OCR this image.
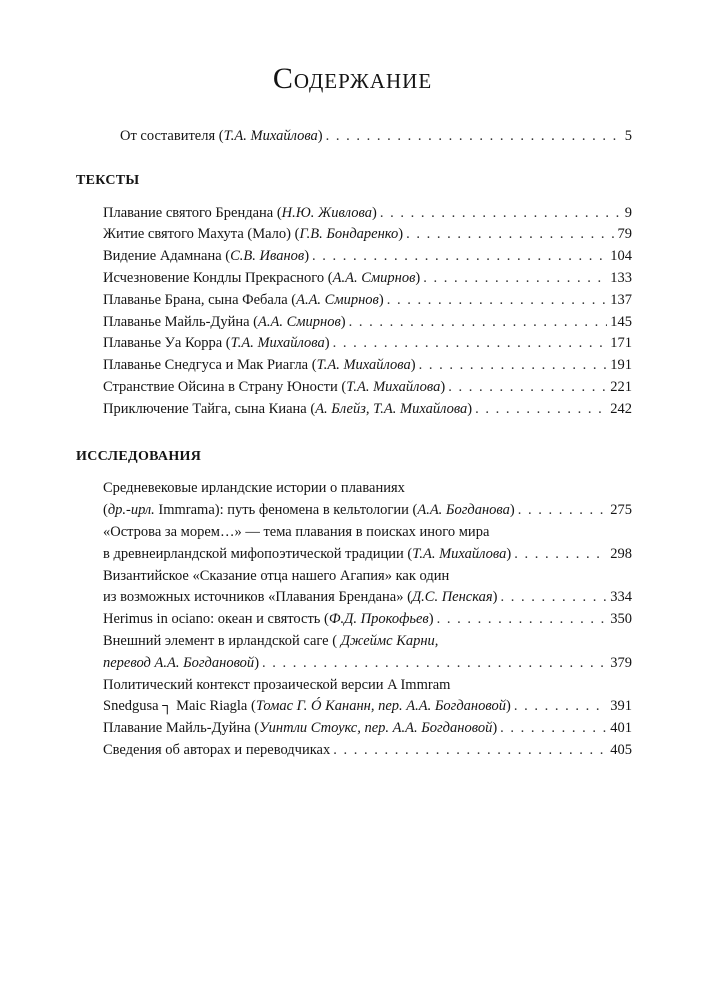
Содержание
От составителя (Т.А. Михайлова) . . .	5
ТЕКСТЫ
Плавание святого Брендана (Н.Ю. Живлова) . . .	9
Житие святого Махута (Мало) (Г.В. Бондаренко) . . .	79
Видение Адамнана (С.В. Иванов) . . .	104
Исчезновение Кондлы Прекрасного (А.А. Смирнов) . . .	133
Плаванье Брана, сына Фебала (А.А. Смирнов) . . .	137
Плаванье Майль-Дуйна (А.А. Смирнов) . . .	145
Плаванье Уа Корра (Т.А. Михайлова) . . .	171
Плаванье Снедгуса и Мак Риагла (Т.А. Михайлова) . . .	191
Странствие Ойсина в Страну Юности (Т.А. Михайлова) . . .	221
Приключение Тайга, сына Киана (А. Блейз, Т.А. Михайлова) . . .	242
ИССЛЕДОВАНИЯ
Средневековые ирландские истории о плаваниях
(др.-ирл. Immrama): путь феномена в кельтологии (А.А. Богданова) . . .	275
«Острова за морем…» — тема плавания в поисках иного мира
в древнеирландской мифопоэтической традиции (Т.А. Михайлова) . . .	298
Византийское «Сказание отца нашего Агапия» как один
из возможных источников «Плавания Брендана» (Д.С. Пенская) . . .	334
Herimus in ociano: океан и святость (Ф.Д. Прокофьев) . . .	350
Внешний элемент в ирландской саге ( Джеймс Карни,
перевод А.А. Богдановой) . . .	379
Политический контекст прозаической версии A Immram
Snedgusa ┐ Maic Riagla (Томас Г. Ó Кананн, пер. А.А. Богдановой) . . .	391
Плавание Майль-Дуйна (Уинтли Стоукс, пер. А.А. Богдановой) . . .	401
Сведения об авторах и переводчиках . . .	405
